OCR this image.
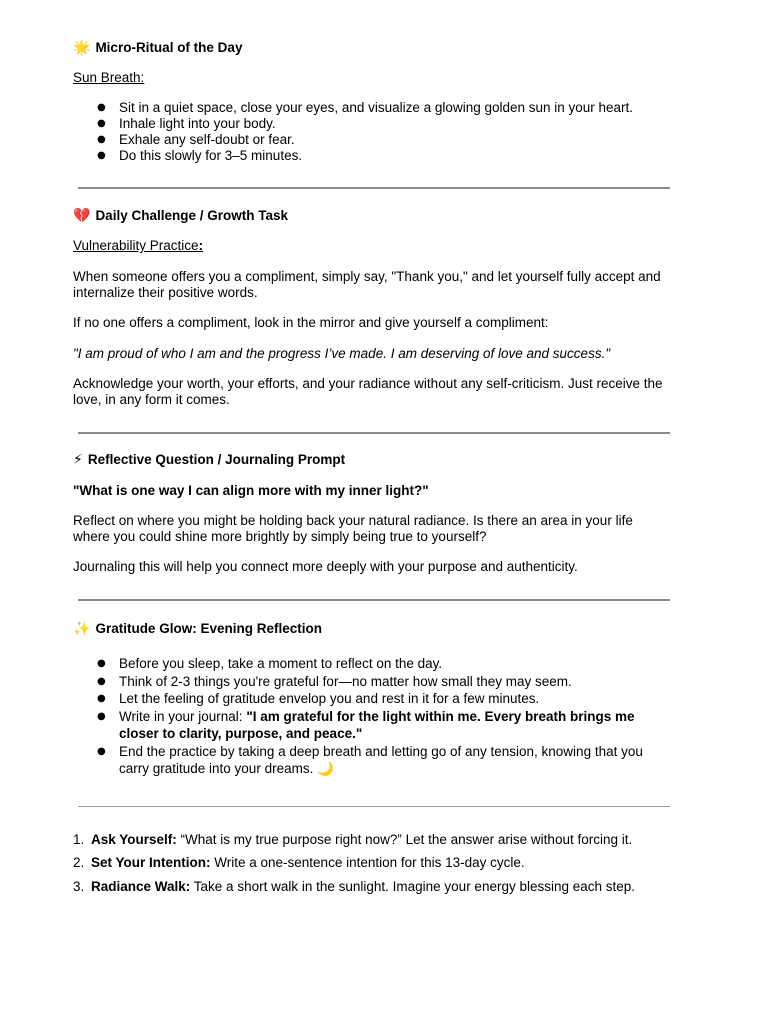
🌟 Micro-Ritual of the Day

Sun Breath:

● Sit in a quiet space, close your eyes, and visualize a glowing golden sun in your heart.
● Inhale light into your body.
● Exhale any self-doubt or fear.
● Do this slowly for 3–5 minutes.
💔 Daily Challenge / Growth Task

Vulnerability Practice:

When someone offers you a compliment, simply say, "Thank you," and let yourself fully accept and internalize their positive words.

If no one offers a compliment, look in the mirror and give yourself a compliment:

"I am proud of who I am and the progress I’ve made. I am deserving of love and success."

Acknowledge your worth, your efforts, and your radiance without any self-criticism. Just receive the love, in any form it comes.

⚡ Reflective Question / Journaling Prompt

"What is one way I can align more with my inner light?"

Reflect on where you might be holding back your natural radiance. Is there an area in your life where you could shine more brightly by simply being true to yourself?

Journaling this will help you connect more deeply with your purpose and authenticity.

✨ Gratitude Glow: Evening Reflection
● Before you sleep, take a moment to reflect on the day.
● Think of 2-3 things you're grateful for—no matter how small they may seem.
● Let the feeling of gratitude envelop you and rest in it for a few minutes.
● Write in your journal: "I am grateful for the light within me. Every breath brings me closer to clarity, purpose, and peace."
● End the practice by taking a deep breath and letting go of any tension, knowing that you carry gratitude into your dreams. 🌙
1. Ask Yourself: “What is my true purpose right now?” Let the answer arise without forcing it.
2. Set Your Intention: Write a one-sentence intention for this 13-day cycle.
3. Radiance Walk: Take a short walk in the sunlight. Imagine your energy blessing each step.
